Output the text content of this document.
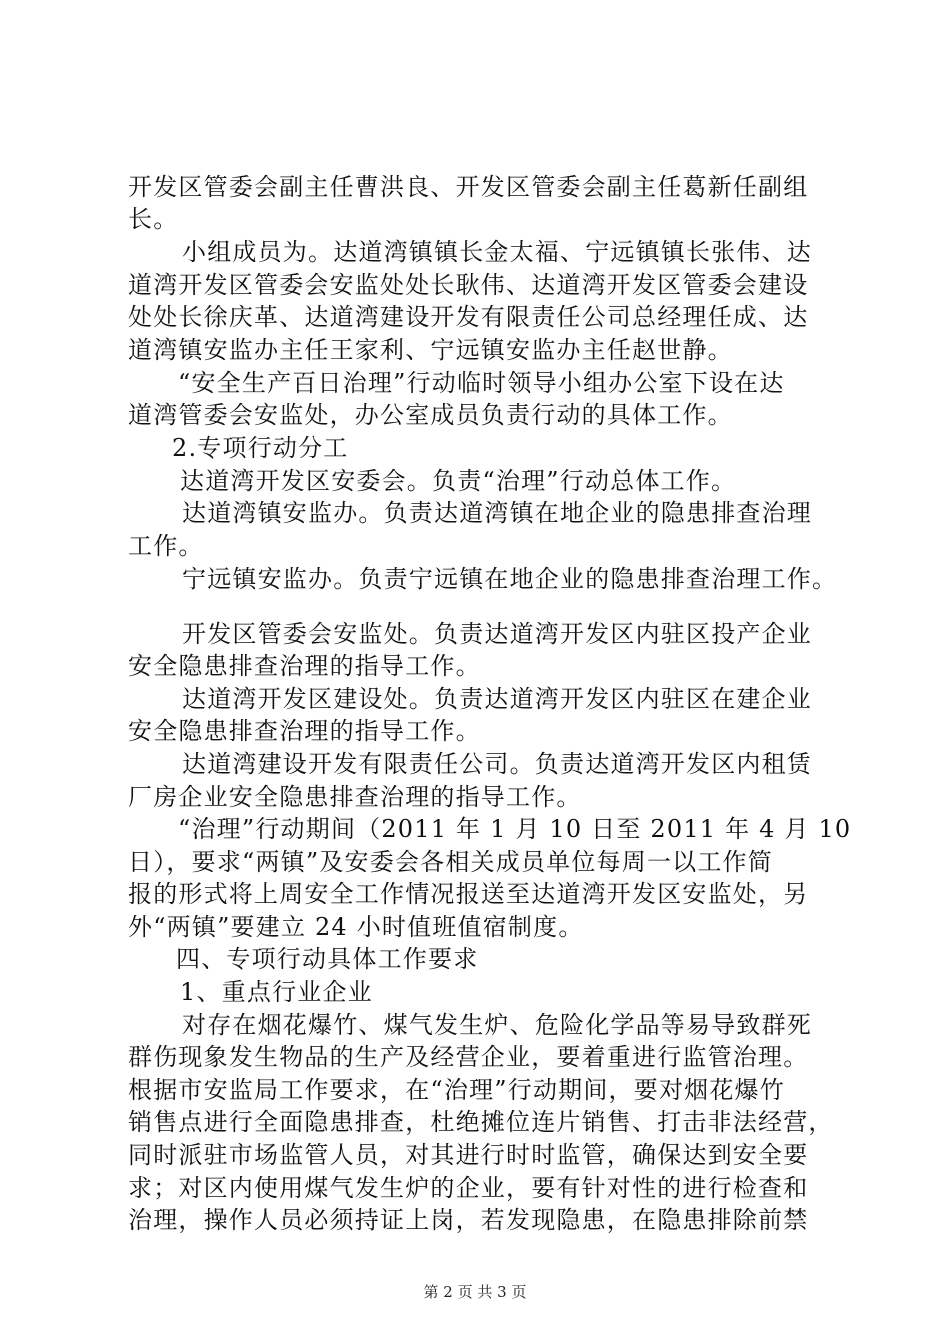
开发区管委会副主任曹洪良、开发区管委会副主任葛新任副组
长。
小组成员为。达道湾镇镇长金太福、宁远镇镇长张伟、达
道湾开发区管委会安监处处长耿伟、达道湾开发区管委会建设
处处长徐庆革、达道湾建设开发有限责任公司总经理任成、达
道湾镇安监办主任王家利、宁远镇安监办主任赵世静。
“安全生产百日治理”行动临时领导小组办公室下设在达
道湾管委会安监处，办公室成员负责行动的具体工作。
2.专项行动分工
达道湾开发区安委会。负责“治理”行动总体工作。
达道湾镇安监办。负责达道湾镇在地企业的隐患排查治理
工作。
宁远镇安监办。负责宁远镇在地企业的隐患排查治理工作。
开发区管委会安监处。负责达道湾开发区内驻区投产企业
安全隐患排查治理的指导工作。
达道湾开发区建设处。负责达道湾开发区内驻区在建企业
安全隐患排查治理的指导工作。
达道湾建设开发有限责任公司。负责达道湾开发区内租赁
厂房企业安全隐患排查治理的指导工作。
“治理”行动期间（2011 年 1 月 10 日至 2011 年 4 月 10
日），要求“两镇”及安委会各相关成员单位每周一以工作简
报的形式将上周安全工作情况报送至达道湾开发区安监处，另
外“两镇”要建立 24 小时值班值宿制度。
四、专项行动具体工作要求
1、重点行业企业
对存在烟花爆竹、煤气发生炉、危险化学品等易导致群死
群伤现象发生物品的生产及经营企业，要着重进行监管治理。
根据市安监局工作要求，在“治理”行动期间，要对烟花爆竹
销售点进行全面隐患排查，杜绝摊位连片销售、打击非法经营，
同时派驻市场监管人员，对其进行时时监管，确保达到安全要
求；对区内使用煤气发生炉的企业，要有针对性的进行检查和
治理，操作人员必须持证上岗，若发现隐患，在隐患排除前禁
第 2 页 共 3 页
